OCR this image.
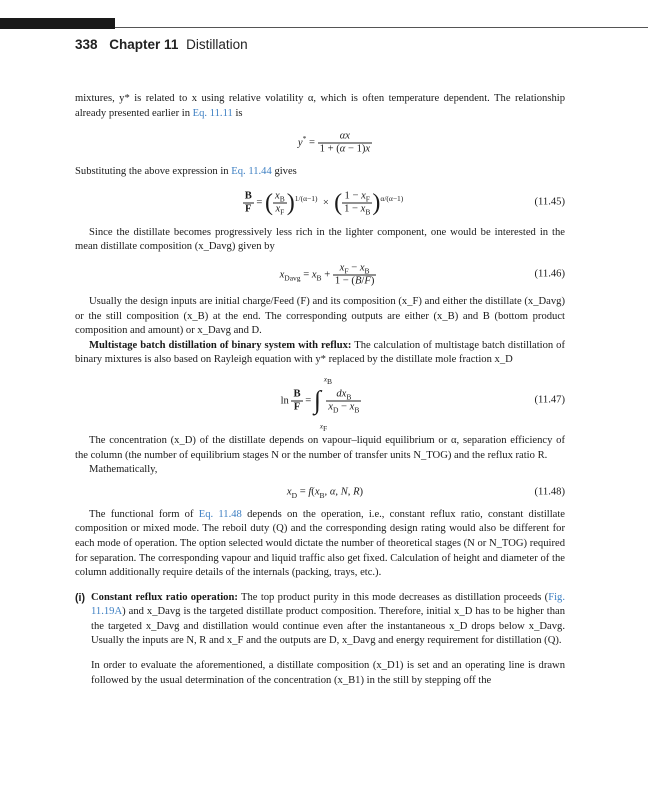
338 Chapter 11 Distillation

mixtures, y* is related to x using relative volatility α, which is often temperature dependent. The relationship already presented earlier in Eq. 11.11 is

$y^* = \frac{\alpha x}{1 + (\alpha - 1)x}$

Substituting the above expression in Eq. 11.44 gives

$\frac{B}{F}$ = ( $\frac{x_B}{x_F} )^{1/(\alpha-1)}$  ×  ( $\frac{1 - x_F}{1 - x_B} )^{\alpha/(\alpha-1)}$	(11.45)

Since the distillate becomes progressively less rich in the lighter component, one would be interested in the mean distillate composition (x_Davg) given by

$x_{Davg} = x_B + \frac{x_F - x_B}{1 - (B/F)}$	(11.46)

Usually the design inputs are initial charge/Feed (F) and its composition (x_F) and either the distillate (x_Davg) or the still composition (x_B) at the end. The corresponding outputs are either (x_B) and B (bottom product composition and amount) or x_Davg and D.

Multistage batch distillation of binary system with reflux: The calculation of multistage batch distillation of binary mixtures is also based on Rayleigh equation with y* replaced by the distillate mole fraction x_D

$\ln \frac{B}{F}$ = ∫
$x_F$
$x_B$

$\frac{dx_B}{x_D - x_B}$	(11.47)

The concentration (x_D) of the distillate depends on vapour–liquid equilibrium or α, separation efficiency of the column (the number of equilibrium stages N or the number of transfer units N_TOG) and the reflux ratio R.

Mathematically,

$x_D = f(x_B$, α, N, R)	(11.48)

The functional form of Eq. 11.48 depends on the operation, i.e., constant reflux ratio, constant distillate composition or mixed mode. The reboil duty (Q) and the corresponding design rating would also be different for each mode of operation. The option selected would dictate the number of theoretical stages (N or N_TOG) required for separation. The corresponding vapour and liquid traffic also get fixed. Calculation of height and diameter of the column additionally require details of the internals (packing, trays, etc.).

(i) Constant reflux ratio operation: The top product purity in this mode decreases as distillation proceeds (Fig. 11.19A) and x_Davg is the targeted distillate product composition. Therefore, initial x_D has to be higher than the targeted x_Davg and distillation would continue even after the instantaneous x_D drops below x_Davg. Usually the inputs are N, R and x_F and the outputs are D, x_Davg and energy requirement for distillation (Q).

In order to evaluate the aforementioned, a distillate composition (x_D1) is set and an operating line is drawn followed by the usual determination of the concentration (x_B1) in the still by stepping off the
